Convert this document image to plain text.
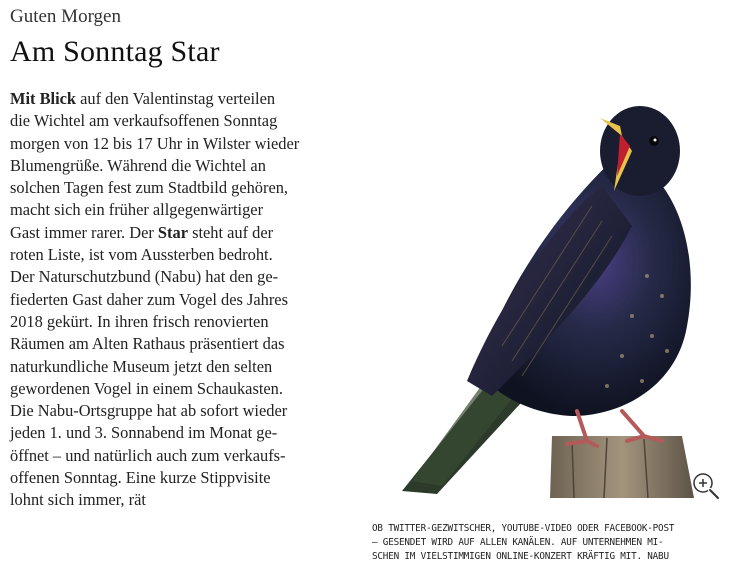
Guten Morgen
Am Sonntag Star
Mit Blick auf den Valentinstag verteilen
die Wichtel am verkaufsoffenen Sonntag
morgen von 12 bis 17 Uhr in Wilster wieder
Blumengrüße. Während die Wichtel an
solchen Tagen fest zum Stadtbild gehören,
macht sich ein früher allgegenwärtiger
Gast immer rarer. Der Star steht auf der
roten Liste, ist vom Aussterben bedroht.
Der Naturschutzbund (Nabu) hat den ge-
fiederten Gast daher zum Vogel des Jahres
2018 gekürt. In ihren frisch renovierten
Räumen am Alten Rathaus präsentiert das
naturkundliche Museum jetzt den selten
gewordenen Vogel in einem Schaukasten.
Die Nabu-Ortsgruppe hat ab sofort wieder
jeden 1. und 3. Sonnabend im Monat ge-
öffnet – und natürlich auch zum verkaufs-
offenen Sonntag. Eine kurze Stippvisite
lohnt sich immer, rät
OB TWITTER-GEZWITSCHER, YOUTUBE-VIDEO ODER FACEBOOK-POST
– GESENDET WIRD AUF ALLEN KANÄLEN. AUF UNTERNEHMEN MI-
SCHEN IM VIELSTIMMIGEN ONLINE-KONZERT KRÄFTIG MIT. NABU
